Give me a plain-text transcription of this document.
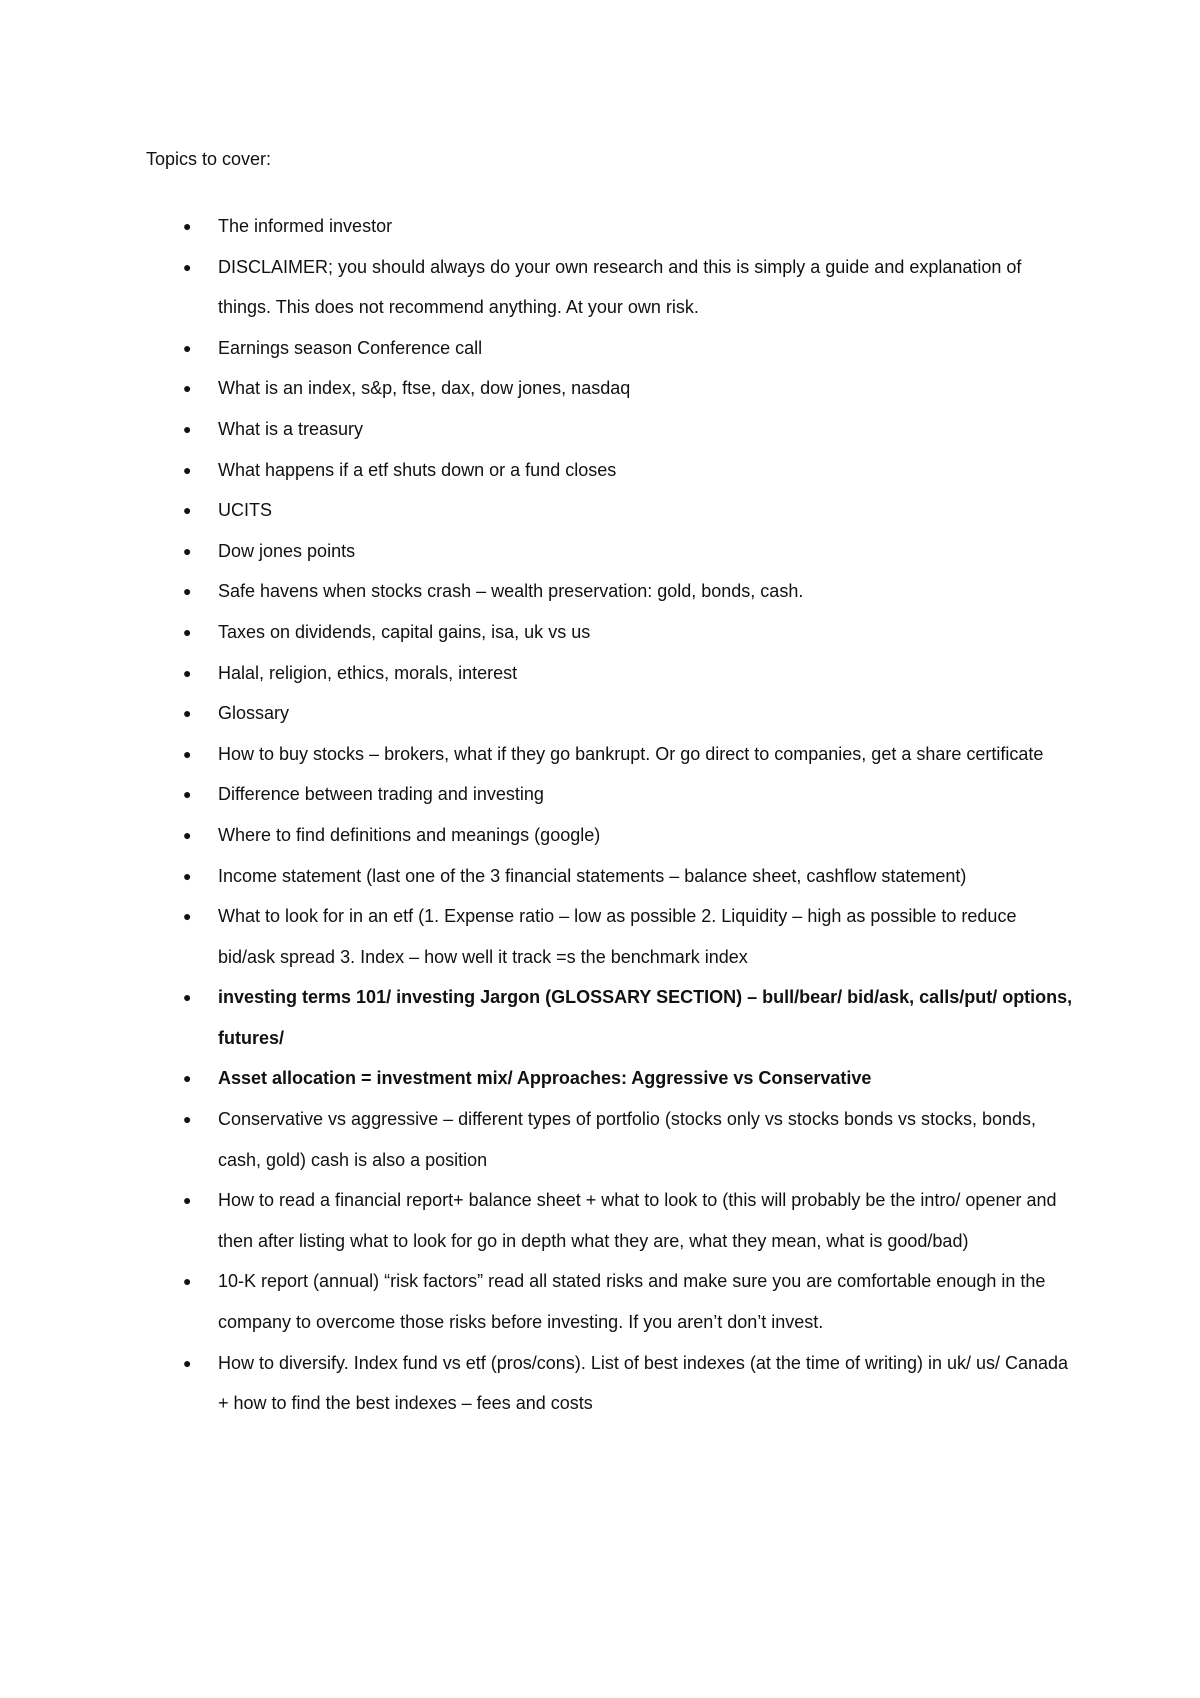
Topics to cover:

● The informed investor
● DISCLAIMER; you should always do your own research and this is simply a guide and explanation of things. This does not recommend anything. At your own risk.
● Earnings season Conference call
● What is an index, s&p, ftse, dax, dow jones, nasdaq
● What is a treasury
● What happens if a etf shuts down or a fund closes
● UCITS
● Dow jones points
● Safe havens when stocks crash – wealth preservation: gold, bonds, cash.
● Taxes on dividends, capital gains, isa, uk vs us
● Halal, religion, ethics, morals, interest
● Glossary
● How to buy stocks – brokers, what if they go bankrupt. Or go direct to companies, get a share certificate
● Difference between trading and investing
● Where to find definitions and meanings (google)
● Income statement (last one of the 3 financial statements – balance sheet, cashflow statement)
● What to look for in an etf (1. Expense ratio – low as possible 2. Liquidity – high as possible to reduce bid/ask spread 3. Index – how well it track =s the benchmark index
● investing terms 101/ investing Jargon (GLOSSARY SECTION) – bull/bear/ bid/ask, calls/put/ options, futures/
● Asset allocation = investment mix/ Approaches: Aggressive vs Conservative
● Conservative vs aggressive – different types of portfolio (stocks only vs stocks bonds vs stocks, bonds, cash, gold) cash is also a position
● How to read a financial report+ balance sheet + what to look to (this will probably be the intro/ opener and then after listing what to look for go in depth what they are, what they mean, what is good/bad)
● 10-K report (annual) “risk factors” read all stated risks and make sure you are comfortable enough in the company to overcome those risks before investing. If you aren’t don’t invest.
● How to diversify. Index fund vs etf (pros/cons). List of best indexes (at the time of writing) in uk/ us/ Canada + how to find the best indexes – fees and costs
